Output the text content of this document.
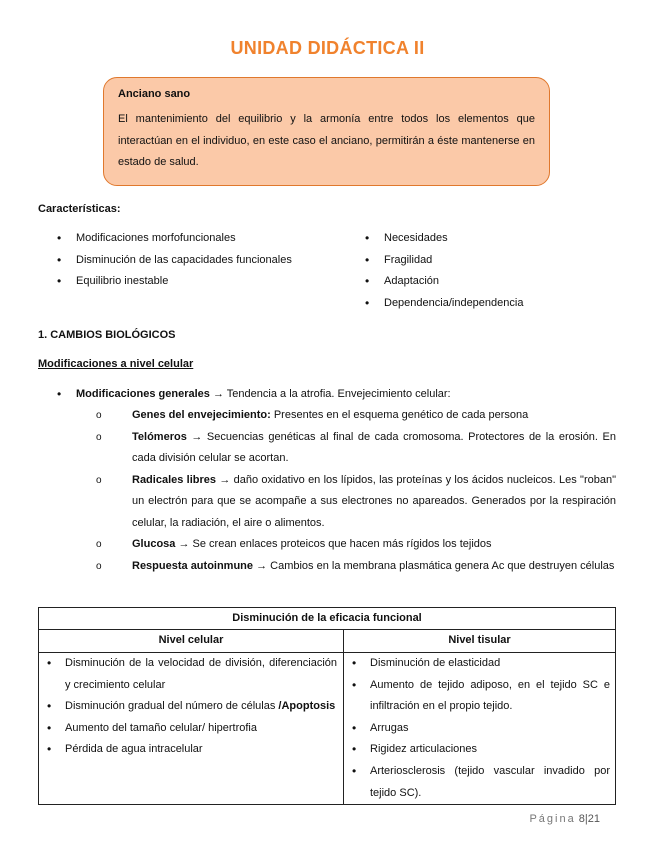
UNIDAD DIDÁCTICA II

Anciano sano

El mantenimiento del equilibrio y la armonía entre todos los elementos que interactúan en el individuo, en este caso el anciano, permitirán a éste mantenerse en estado de salud.

Características:
• Modificaciones morfofuncionales
• Disminución de las capacidades funcionales
• Equilibrio inestable
• Necesidades
• Fragilidad
• Adaptación
• Dependencia/independencia
1. CAMBIOS BIOLÓGICOS
Modificaciones a nivel celular
• Modificaciones generales → Tendencia a la atrofia. Envejecimiento celular:
o Genes del envejecimiento: Presentes en el esquema genético de cada persona
o Telómeros → Secuencias genéticas al final de cada cromosoma. Protectores de la erosión. En cada división celular se acortan.
o Radicales libres → daño oxidativo en los lípidos, las proteínas y los ácidos nucleicos. Les "roban" un electrón para que se acompañe a sus electrones no apareados. Generados por la respiración celular, la radiación, el aire o alimentos.
o Glucosa → Se crean enlaces proteicos que hacen más rígidos los tejidos
o Respuesta autoinmune → Cambios en la membrana plasmática genera Ac que destruyen células
Disminución de la eficacia funcional
Nivel celular	Nivel tisular
• Disminución de la velocidad de división, diferenciación y crecimiento celular
• Disminución gradual del número de células /Apoptosis
• Aumento del tamaño celular/ hipertrofia
• Pérdida de agua intracelular
• Disminución de elasticidad
• Aumento de tejido adiposo, en el tejido SC e infiltración en el propio tejido.
• Arrugas
• Rigidez articulaciones
• Arteriosclerosis (tejido vascular invadido por tejido SC).
Página 8|21
